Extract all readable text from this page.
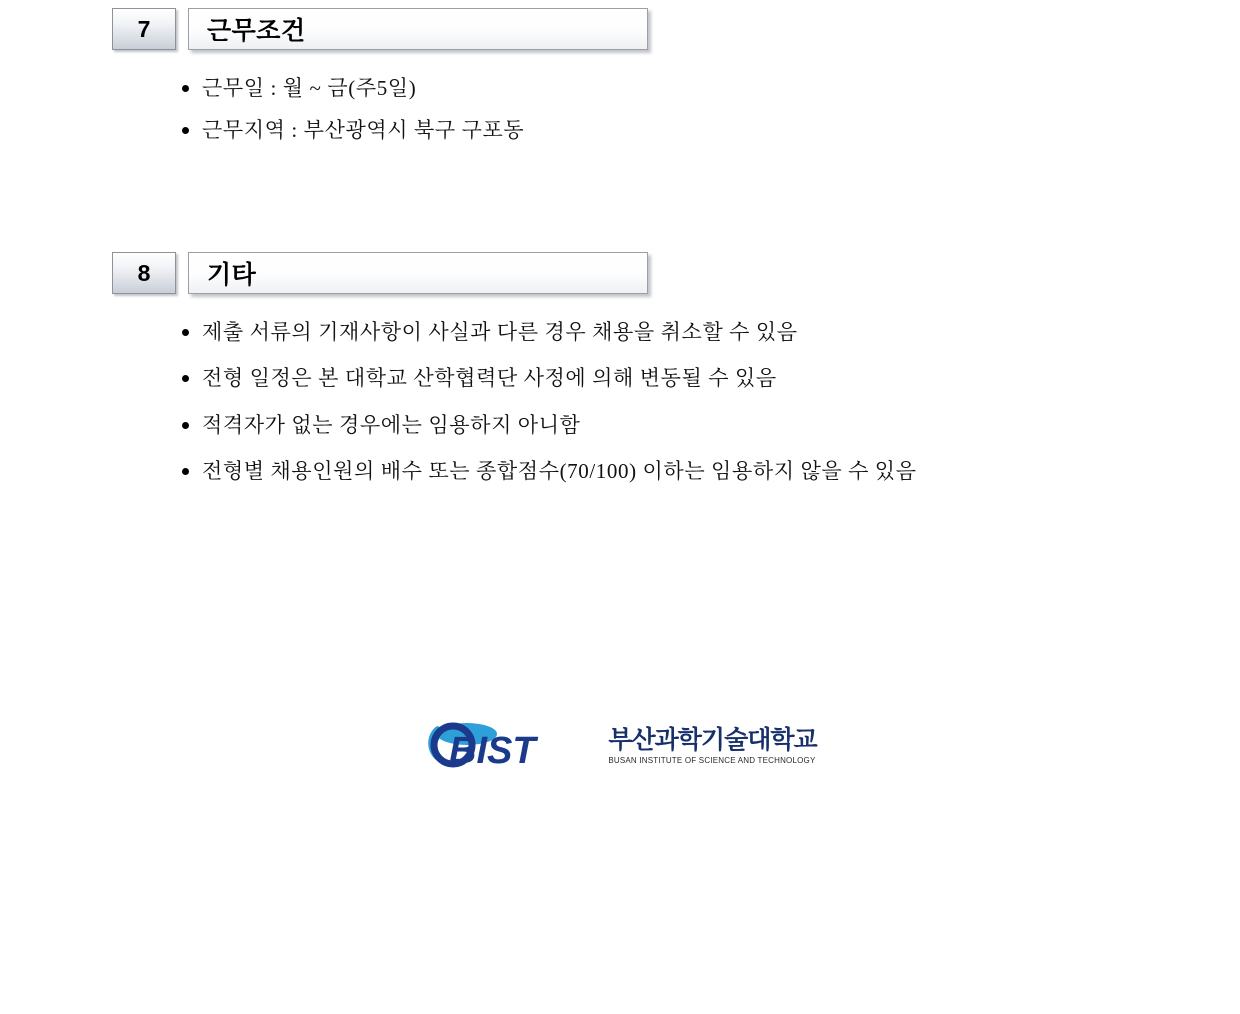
7	근무조건
근무일 : 월 ~ 금(주5일)
근무지역 : 부산광역시 북구 구포동
8	기타
제출 서류의 기재사항이 사실과 다른 경우 채용을 취소할 수 있음
전형 일정은 본 대학교 산학협력단 사정에 의해 변동될 수 있음
적격자가 없는 경우에는 임용하지 아니함
전형별 채용인원의 배수 또는 종합점수(70/100) 이하는 임용하지 않을 수 있음
BIST	부산과학기술대학교
BUSAN INSTITUTE OF SCIENCE AND TECHNOLOGY
